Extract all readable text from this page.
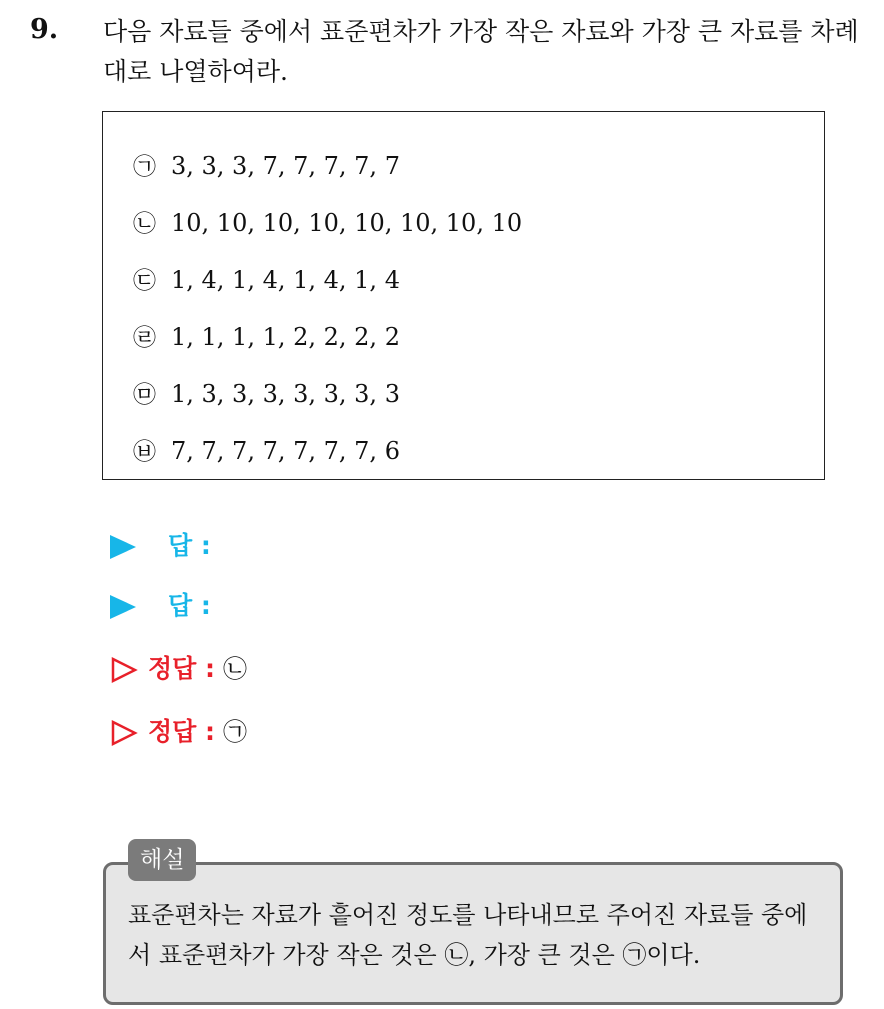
9. 다음 자료들 중에서 표준편차가 가장 작은 자료와 가장 큰 자료를 차례대로 나열하여라.
㉠ 3, 3, 3, 7, 7, 7, 7, 7
㉡ 10, 10, 10, 10, 10, 10, 10, 10
㉢ 1, 4, 1, 4, 1, 4, 1, 4
㉣ 1, 1, 1, 1, 2, 2, 2, 2
㉤ 1, 3, 3, 3, 3, 3, 3, 3
㉥ 7, 7, 7, 7, 7, 7, 7, 6
답 :
답 :
정답 : ㉡
정답 : ㉠
표준편차는 자료가 흩어진 정도를 나타내므로 주어진 자료들 중에서 표준편차가 가장 작은 것은 ㉡, 가장 큰 것은 ㉠이다.
해설
